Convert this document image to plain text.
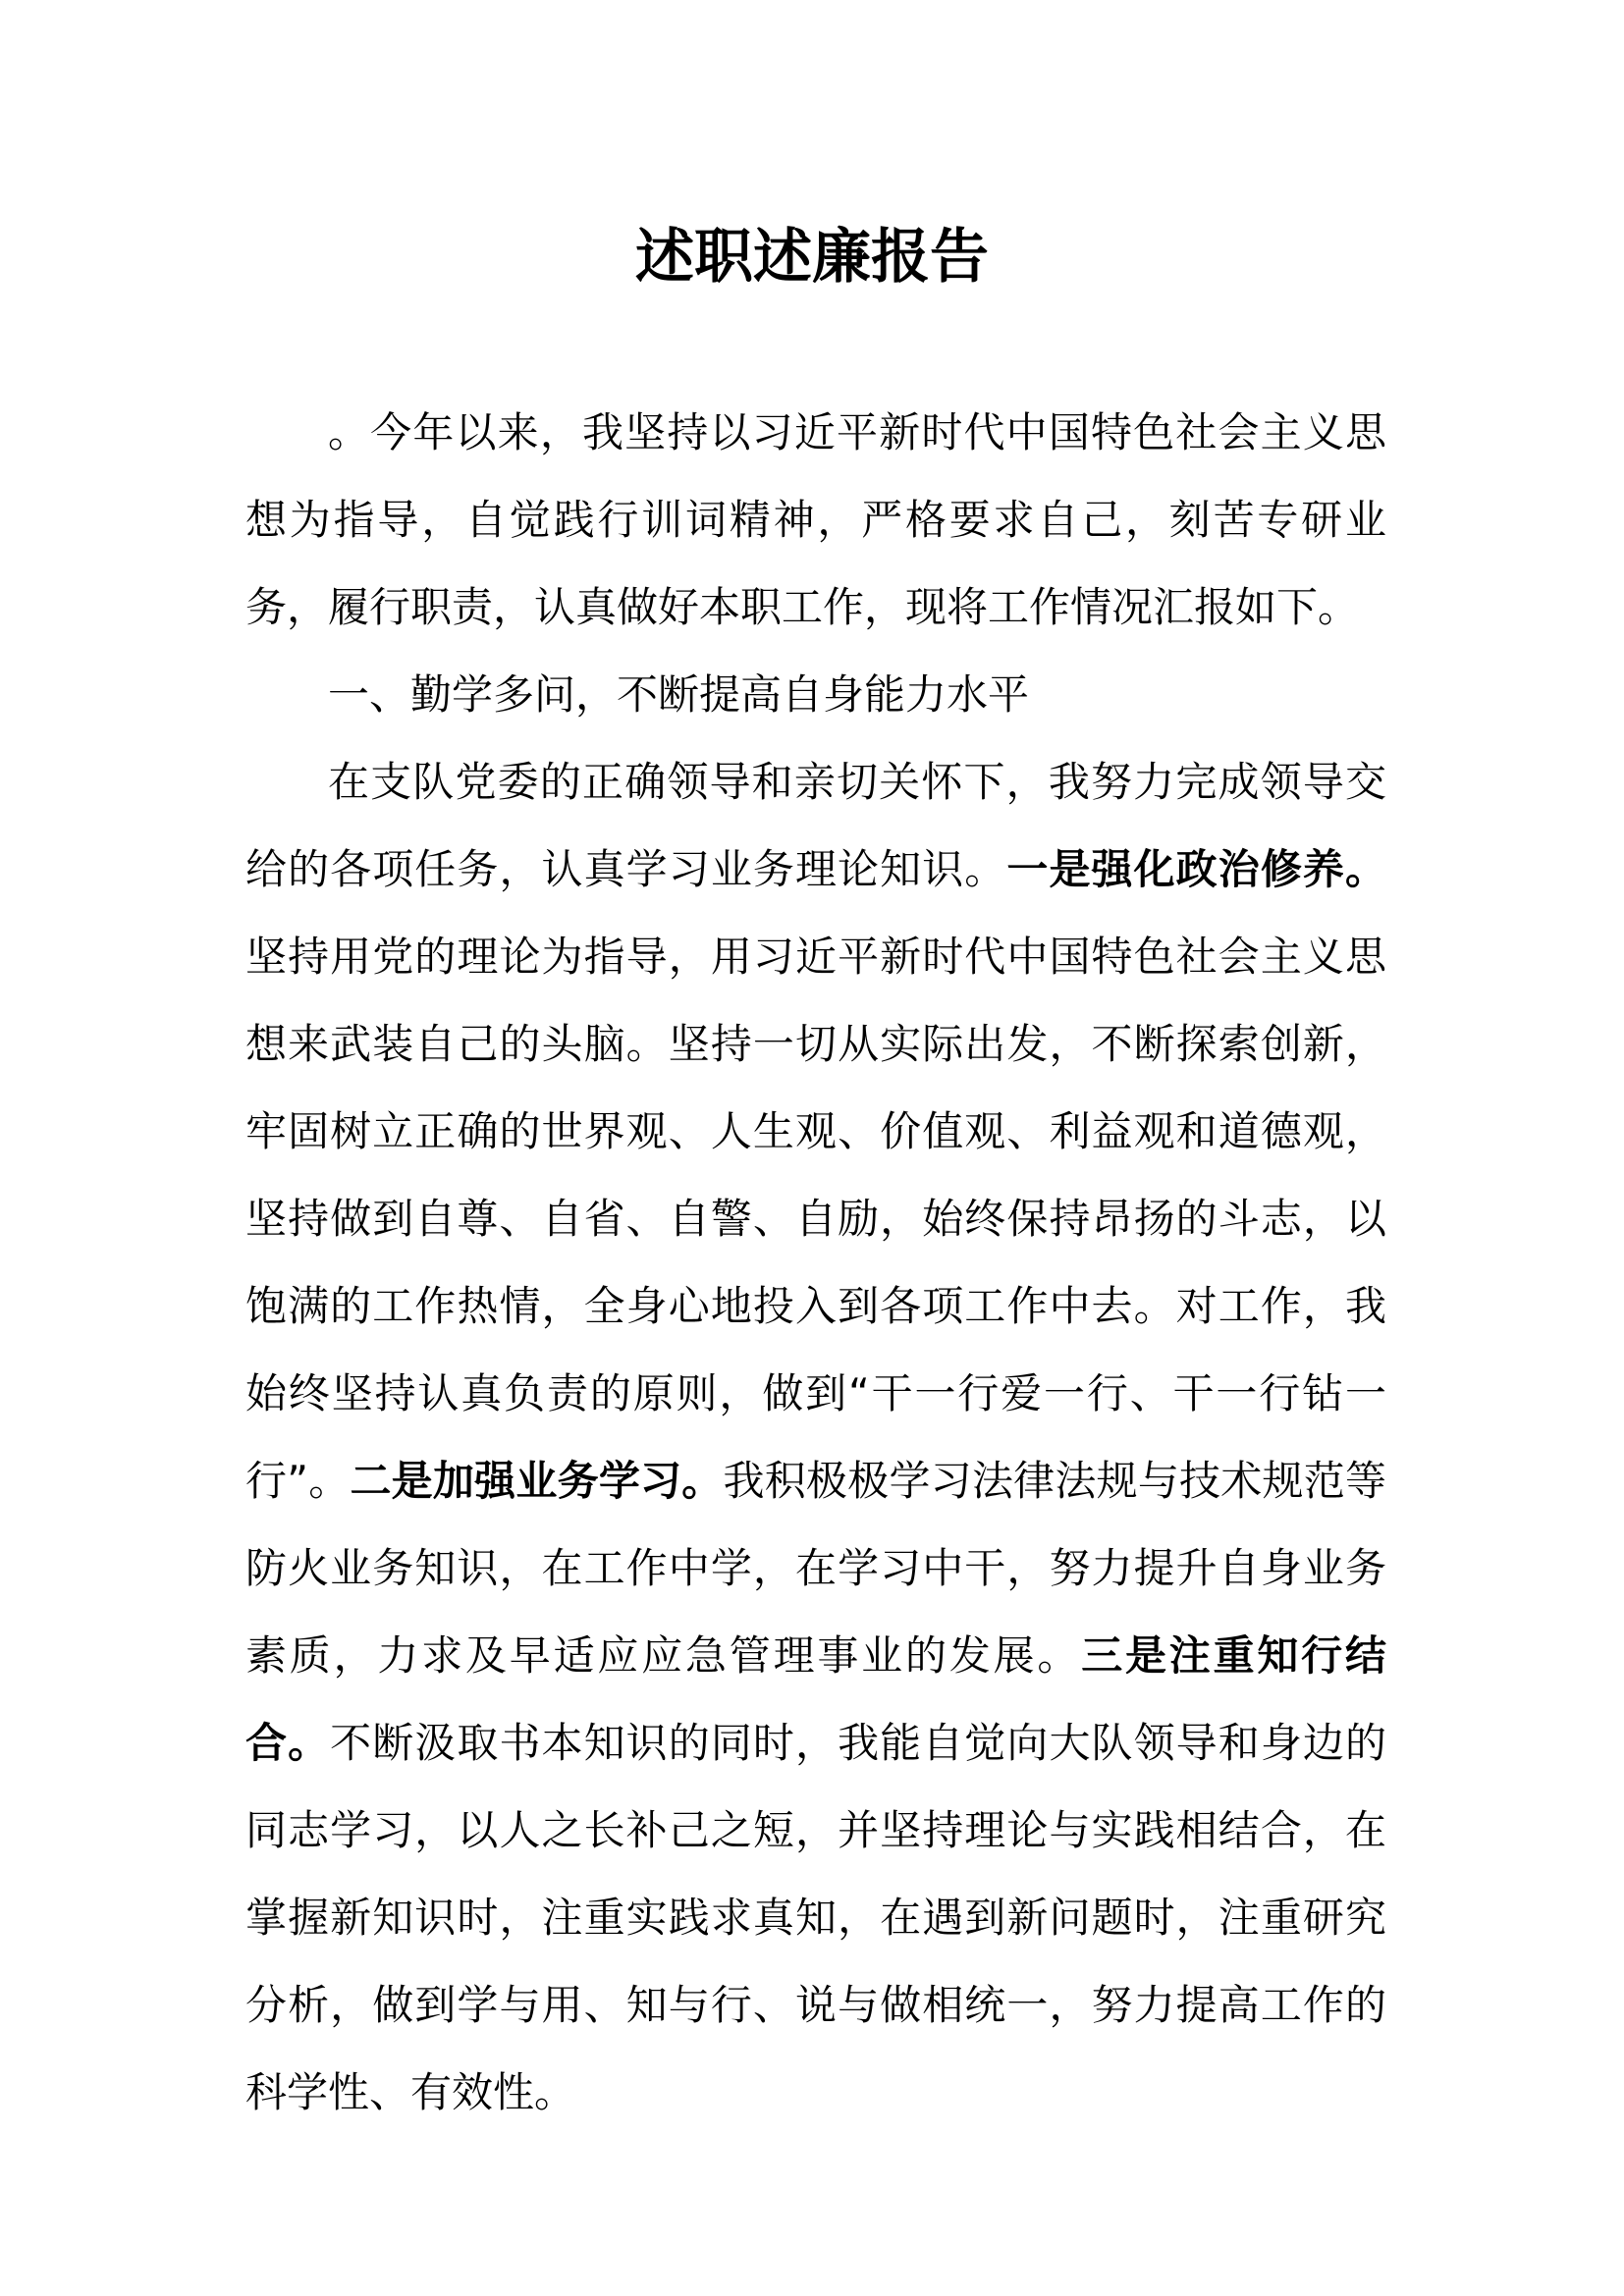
述职述廉报告

。今年以来，我坚持以习近平新时代中国特色社会主义思想为指导，自觉践行训词精神，严格要求自己，刻苦专研业务，履行职责，认真做好本职工作，现将工作情况汇报如下。

一、勤学多问，不断提高自身能力水平

在支队党委的正确领导和亲切关怀下，我努力完成领导交给的各项任务，认真学习业务理论知识。一是强化政治修养。坚持用党的理论为指导，用习近平新时代中国特色社会主义思想来武装自己的头脑。坚持一切从实际出发，不断探索创新，牢固树立正确的世界观、人生观、价值观、利益观和道德观，坚持做到自尊、自省、自警、自励，始终保持昂扬的斗志，以饱满的工作热情，全身心地投入到各项工作中去。对工作，我始终坚持认真负责的原则，做到“干一行爱一行、干一行钻一行”。二是加强业务学习。我积极极学习法律法规与技术规范等防火业务知识，在工作中学，在学习中干，努力提升自身业务素质，力求及早适应应急管理事业的发展。三是注重知行结合。不断汲取书本知识的同时，我能自觉向大队领导和身边的同志学习，以人之长补己之短，并坚持理论与实践相结合，在掌握新知识时，注重实践求真知，在遇到新问题时，注重研究分析，做到学与用、知与行、说与做相统一，努力提高工作的科学性、有效性。
